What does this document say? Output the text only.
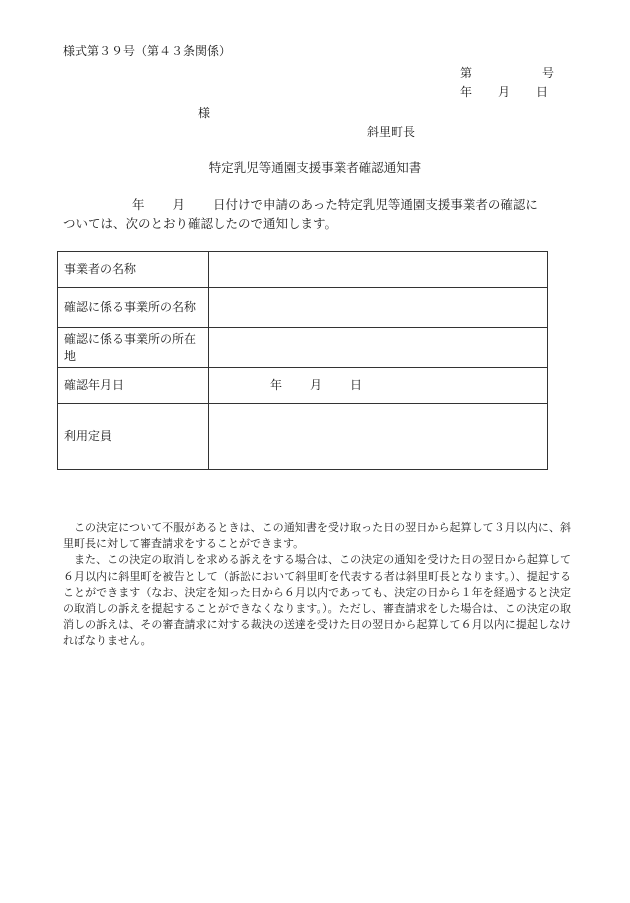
様式第３９号（第４３条関係）
第	号
年 月 日
様
斜里町長
特定乳児等通園支援事業者確認通知書
年 月 日付けで申請のあった特定乳児等通園支援事業者の確認に
ついては、次のとおり確認したので通知します。
事業者の名称	
確認に係る事業所の名称	
確認に係る事業所の所在地	
確認年月日	年 月 日
利用定員	

この決定について不服があるときは、この通知書を受け取った日の翌日から起算して３月以内に、斜里町長に対して審査請求をすることができます。

また、この決定の取消しを求める訴えをする場合は、この決定の通知を受けた日の翌日から起算して６月以内に斜里町を被告として（訴訟において斜里町を代表する者は斜里町長となります。）、提起することができます（なお、決定を知った日から６月以内であっても、決定の日から１年を経過すると決定の取消しの訴えを提起することができなくなります。）。ただし、審査請求をした場合は、この決定の取消しの訴えは、その審査請求に対する裁決の送達を受けた日の翌日から起算して６月以内に提起しなければなりません。
